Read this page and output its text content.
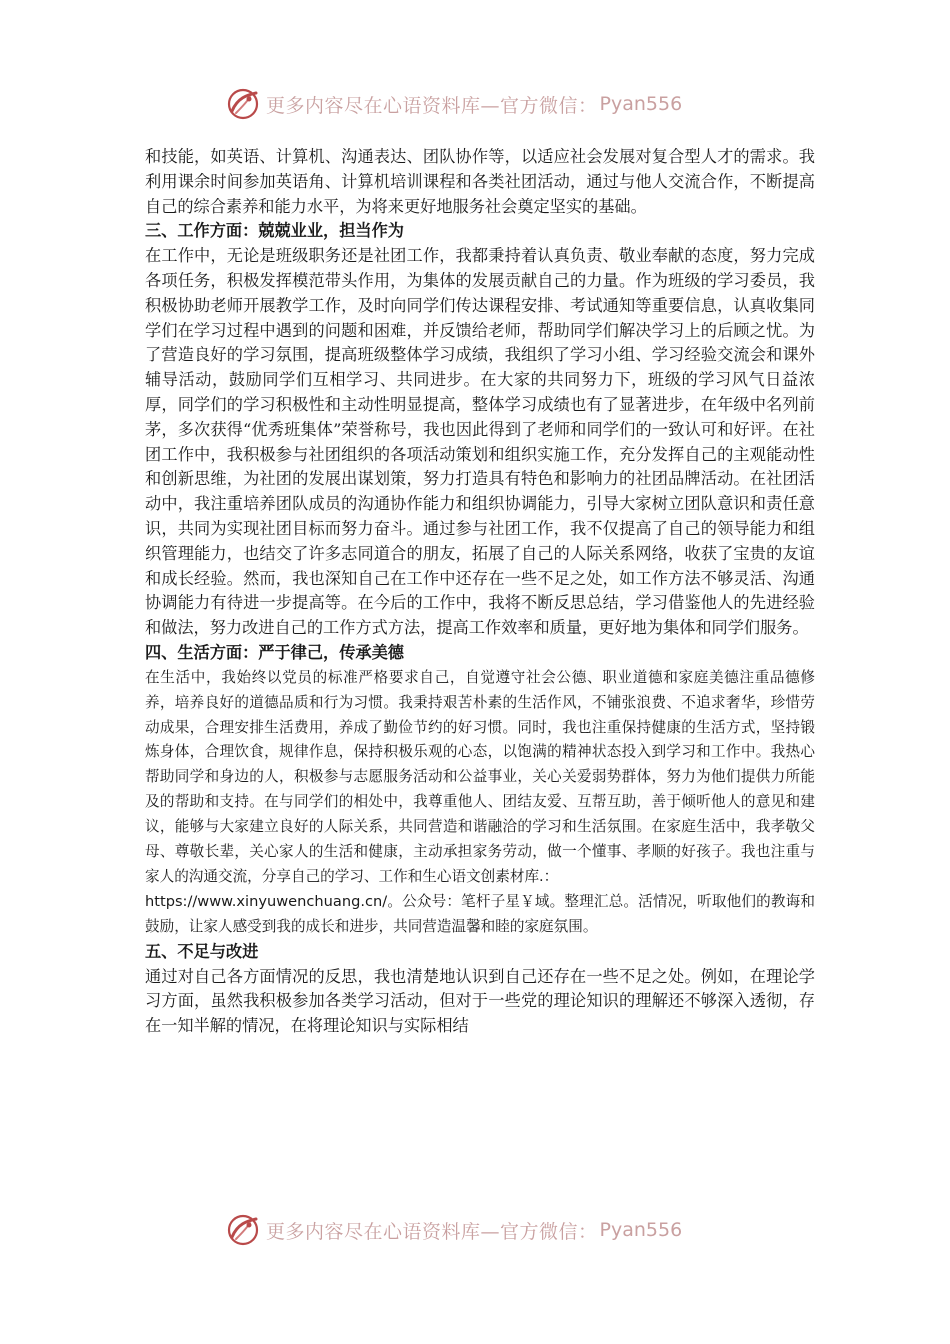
更多内容尽在心语资料库—官方微信： Pyan556

和技能，如英语、计算机、沟通表达、团队协作等，以适应社会发展对复合型人才的需求。我利用课余时间参加英语角、计算机培训课程和各类社团活动，通过与他人交流合作，不断提高自己的综合素养和能力水平，为将来更好地服务社会奠定坚实的基础。

三、工作方面：兢兢业业，担当作为

在工作中，无论是班级职务还是社团工作，我都秉持着认真负责、敬业奉献的态度，努力完成各项任务，积极发挥模范带头作用，为集体的发展贡献自己的力量。作为班级的学习委员，我积极协助老师开展教学工作，及时向同学们传达课程安排、考试通知等重要信息，认真收集同学们在学习过程中遇到的问题和困难，并反馈给老师，帮助同学们解决学习上的后顾之忧。为了营造良好的学习氛围，提高班级整体学习成绩，我组织了学习小组、学习经验交流会和课外辅导活动，鼓励同学们互相学习、共同进步。在大家的共同努力下，班级的学习风气日益浓厚，同学们的学习积极性和主动性明显提高，整体学习成绩也有了显著进步，在年级中名列前茅，多次获得“优秀班集体”荣誉称号，我也因此得到了老师和同学们的一致认可和好评。在社团工作中，我积极参与社团组织的各项活动策划和组织实施工作，充分发挥自己的主观能动性和创新思维，为社团的发展出谋划策，努力打造具有特色和影响力的社团品牌活动。在社团活动中，我注重培养团队成员的沟通协作能力和组织协调能力，引导大家树立团队意识和责任意识，共同为实现社团目标而努力奋斗。通过参与社团工作，我不仅提高了自己的领导能力和组织管理能力，也结交了许多志同道合的朋友，拓展了自己的人际关系网络，收获了宝贵的友谊和成长经验。然而，我也深知自己在工作中还存在一些不足之处，如工作方法不够灵活、沟通协调能力有待进一步提高等。在今后的工作中，我将不断反思总结，学习借鉴他人的先进经验和做法，努力改进自己的工作方式方法，提高工作效率和质量，更好地为集体和同学们服务。

四、生活方面：严于律己，传承美德

在生活中，我始终以党员的标准严格要求自己，自觉遵守社会公德、职业道德和家庭美德注重品德修养，培养良好的道德品质和行为习惯。我秉持艰苦朴素的生活作风，不铺张浪费、不追求奢华，珍惜劳动成果，合理安排生活费用，养成了勤俭节约的好习惯。同时，我也注重保持健康的生活方式，坚持锻炼身体，合理饮食，规律作息，保持积极乐观的心态，以饱满的精神状态投入到学习和工作中。我热心帮助同学和身边的人，积极参与志愿服务活动和公益事业，关心关爱弱势群体，努力为他们提供力所能及的帮助和支持。在与同学们的相处中，我尊重他人、团结友爱、互帮互助，善于倾听他人的意见和建议，能够与大家建立良好的人际关系，共同营造和谐融洽的学习和生活氛围。在家庭生活中，我孝敬父母、尊敬长辈，关心家人的生活和健康，主动承担家务劳动，做一个懂事、孝顺的好孩子。我也注重与家人的沟通交流，分享自己的学习、工作和生心语文创素材库.：
https://www.xinyuwenchuang.cn/。公众号：笔杆子星￥域。整理汇总。活情况，听取他们的教诲和鼓励，让家人感受到我的成长和进步，共同营造温馨和睦的家庭氛围。

五、不足与改进

通过对自己各方面情况的反思，我也清楚地认识到自己还存在一些不足之处。例如，在理论学习方面，虽然我积极参加各类学习活动，但对于一些党的理论知识的理解还不够深入透彻，存在一知半解的情况，在将理论知识与实际相结

更多内容尽在心语资料库—官方微信： Pyan556
